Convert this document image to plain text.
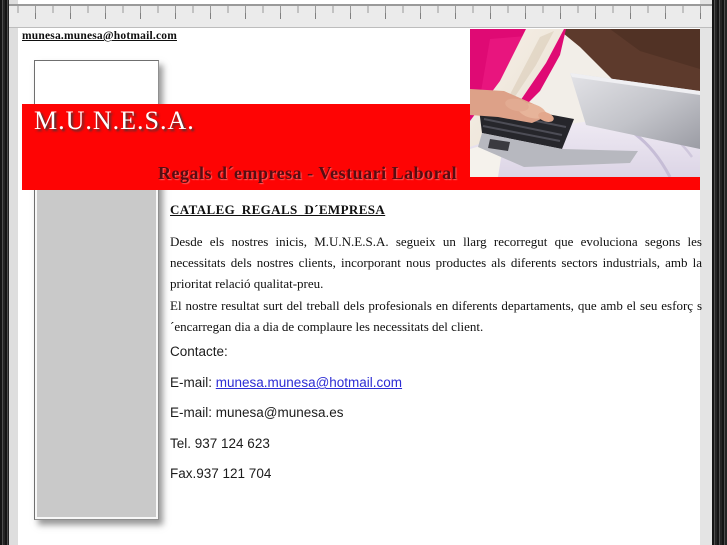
munesa.munesa@hotmail.com
M.U.N.E.S.A.
Regals d´empresa - Vestuari Laboral
CATALEG REGALS D´EMPRESA
Desde els nostres inicis, M.U.N.E.S.A. segueix un llarg recorregut que evoluciona segons les necessitats dels nostres clients, incorporant nous productes als diferents sectors industrials, amb la prioritat relació qualitat-preu.
El nostre resultat surt del treball dels profesionals en diferents departaments, que amb el seu esforç s´encarregan dia a dia de complaure les necessitats del client.
Contacte:
E-mail: munesa.munesa@hotmail.com
E-mail: munesa@munesa.es
Tel. 937 124 623
Fax.937 121 704
